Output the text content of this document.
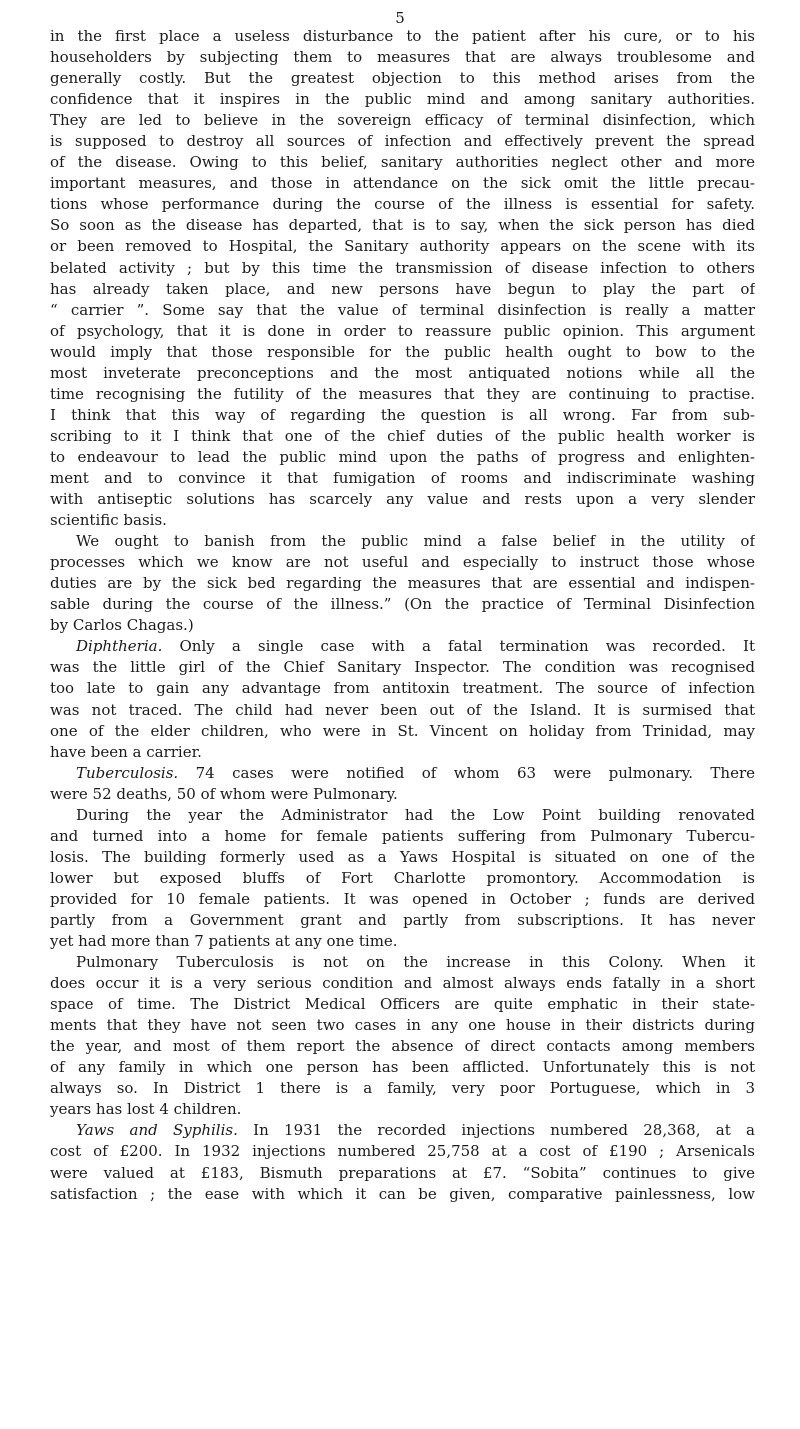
5
in the first place a useless disturbance to the patient after his cure, or to his
householders by subjecting them to measures that are always troublesome and
generally costly. But the greatest objection to this method arises from the
confidence that it inspires in the public mind and among sanitary authorities.
They are led to believe in the sovereign efficacy of terminal disinfection, which
is supposed to destroy all sources of infection and effectively prevent the spread
of the disease. Owing to this belief, sanitary authorities neglect other and more
important measures, and those in attendance on the sick omit the little precau-
tions whose performance during the course of the illness is essential for safety.
So soon as the disease has departed, that is to say, when the sick person has died
or been removed to Hospital, the Sanitary authority appears on the scene with its
belated activity ; but by this time the transmission of disease infection to others
has already taken place, and new persons have begun to play the part of
“ carrier ”. Some say that the value of terminal disinfection is really a matter
of psychology, that it is done in order to reassure public opinion. This argument
would imply that those responsible for the public health ought to bow to the
most inveterate preconceptions and the most antiquated notions while all the
time recognising the futility of the measures that they are continuing to practise.
I think that this way of regarding the question is all wrong. Far from sub-
scribing to it I think that one of the chief duties of the public health worker is
to endeavour to lead the public mind upon the paths of progress and enlighten-
ment and to convince it that fumigation of rooms and indiscriminate washing
with antiseptic solutions has scarcely any value and rests upon a very slender
scientific basis.
We ought to banish from the public mind a false belief in the utility of
processes which we know are not useful and especially to instruct those whose
duties are by the sick bed regarding the measures that are essential and indispen-
sable during the course of the illness.” (On the practice of Terminal Disinfection
by Carlos Chagas.)
Diphtheria. Only a single case with a fatal termination was recorded. It
was the little girl of the Chief Sanitary Inspector. The condition was recognised
too late to gain any advantage from antitoxin treatment. The source of infection
was not traced. The child had never been out of the Island. It is surmised that
one of the elder children, who were in St. Vincent on holiday from Trinidad, may
have been a carrier.
Tuberculosis. 74 cases were notified of whom 63 were pulmonary. There
were 52 deaths, 50 of whom were Pulmonary.
During the year the Administrator had the Low Point building renovated
and turned into a home for female patients suffering from Pulmonary Tubercu-
losis. The building formerly used as a Yaws Hospital is situated on one of the
lower but exposed bluffs of Fort Charlotte promontory. Accommodation is
provided for 10 female patients. It was opened in October ; funds are derived
partly from a Government grant and partly from subscriptions. It has never
yet had more than 7 patients at any one time.
Pulmonary Tuberculosis is not on the increase in this Colony. When it
does occur it is a very serious condition and almost always ends fatally in a short
space of time. The District Medical Officers are quite emphatic in their state-
ments that they have not seen two cases in any one house in their districts during
the year, and most of them report the absence of direct contacts among members
of any family in which one person has been afflicted. Unfortunately this is not
always so. In District 1 there is a family, very poor Portuguese, which in 3
years has lost 4 children.
Yaws and Syphilis. In 1931 the recorded injections numbered 28,368, at a
cost of £200. In 1932 injections numbered 25,758 at a cost of £190 ; Arsenicals
were valued at £183, Bismuth preparations at £7. “Sobita” continues to give
satisfaction ; the ease with which it can be given, comparative painlessness, low
